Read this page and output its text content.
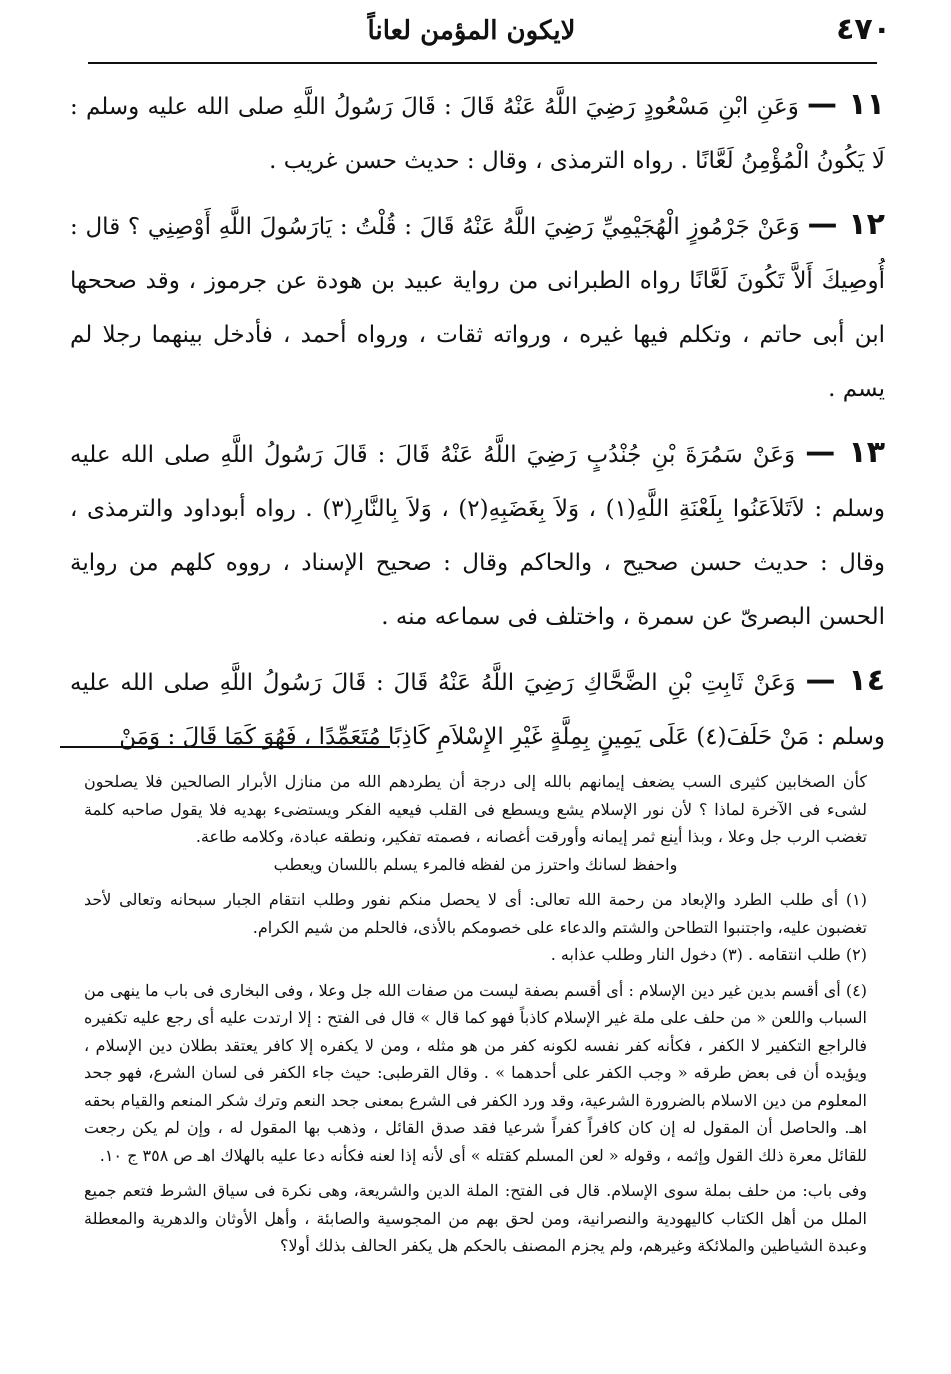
٤٧٠
لايكون المؤمن لعاناً

١١ — وَعَنِ ابْنِ مَسْعُودٍ رَضِيَ اللَّهُ عَنْهُ قَالَ : قَالَ رَسُولُ اللَّهِ صلى الله عليه وسلم : لَا يَكُونُ الْمُؤْمِنُ لَعَّانًا . رواه الترمذى ، وقال : حديث حسن غريب .

١٢ — وَعَنْ جَرْمُوزٍ الْهُجَيْمِيِّ رَضِيَ اللَّهُ عَنْهُ قَالَ : قُلْتُ : يَارَسُولَ اللَّهِ أَوْصِنِي ؟ قال : أُوصِيكَ أَلاَّ تَكُونَ لَعَّانًا رواه الطبرانى من رواية عبيد بن هودة عن جرموز ، وقد صححها ابن أبى حاتم ، وتكلم فيها غيره ، ورواته ثقات ، ورواه أحمد ، فأدخل بينهما رجلا لم يسم .

١٣ — وَعَنْ سَمُرَةَ بْنِ جُنْدُبٍ رَضِيَ اللَّهُ عَنْهُ قَالَ : قَالَ رَسُولُ اللَّهِ صلى الله عليه وسلم : لاَتَلاَعَنُوا بِلَعْنَةِ اللَّهِ(١) ، وَلاَ بِغَضَبِهِ(٢) ، وَلاَ بِالنَّارِ(٣) . رواه أبوداود والترمذى ، وقال : حديث حسن صحيح ، والحاكم وقال : صحيح الإسناد ، رووه كلهم من رواية الحسن البصرىّ عن سمرة ، واختلف فى سماعه منه .

١٤ — وَعَنْ ثَابِتِ بْنِ الضَّحَّاكِ رَضِيَ اللَّهُ عَنْهُ قَالَ : قَالَ رَسُولُ اللَّهِ صلى الله عليه وسلم : مَنْ حَلَفَ(٤) عَلَى يَمِينٍ بِمِلَّةٍ غَيْرِ الإِسْلاَمِ كَاذِبًا مُتَعَمِّدًا ، فَهُوَ كَمَا قَالَ : وَمَنْ

كأن الصخابين كثيرى السب يضعف إيمانهم بالله إلى درجة أن يطردهم الله من منازل الأبرار الصالحين فلا يصلحون لشىء فى الآخرة لماذا ؟ لأن نور الإسلام يشع ويسطع فى القلب فيعيه الفكر ويستضىء بهديه فلا يقول صاحبه كلمة تغضب الرب جل وعلا ، وبذا أينع ثمر إيمانه وأورقت أغصانه ، فصمته تفكير، ونطقه عبادة، وكلامه طاعة.

واحفظ لسانك واحترز من لفظه فالمرء يسلم باللسان ويعطب

(١) أى طلب الطرد والإبعاد من رحمة الله تعالى: أى لا يحصل منكم نفور وطلب انتقام الجبار سبحانه وتعالى لأحد تغضبون عليه، واجتنبوا التطاحن والشتم والدعاء على خصومكم بالأذى، فالحلم من شيم الكرام.

(٢) طلب انتقامه . (٣) دخول النار وطلب عذابه .

(٤) أى أقسم بدين غير دين الإسلام : أى أقسم بصفة ليست من صفات الله جل وعلا ، وفى البخارى فى باب ما ينهى من السباب واللعن « من حلف على ملة غير الإسلام كاذباً فهو كما قال » قال فى الفتح : إلا ارتدت عليه أى رجع عليه تكفيره فالراجع التكفير لا الكفر ، فكأنه كفر نفسه لكونه كفر من هو مثله ، ومن لا يكفره إلا كافر يعتقد بطلان دين الإسلام ، ويؤيده أن فى بعض طرقه « وجب الكفر على أحدهما » . وقال القرطبى: حيث جاء الكفر فى لسان الشرع، فهو جحد المعلوم من دين الاسلام بالضرورة الشرعية، وقد ورد الكفر فى الشرع بمعنى جحد النعم وترك شكر المنعم والقيام بحقه اهـ. والحاصل أن المقول له إن كان كافراً كفراً شرعيا فقد صدق القائل ، وذهب بها المقول له ، وإن لم يكن رجعت للقائل معرة ذلك القول وإثمه ، وقوله « لعن المسلم كقتله » أى لأنه إذا لعنه فكأنه دعا عليه بالهلاك اهـ ص ٣٥٨ ج ١٠.

وفى باب: من حلف بملة سوى الإسلام. قال فى الفتح: الملة الدين والشريعة، وهى نكرة فى سياق الشرط فتعم جميع الملل من أهل الكتاب كاليهودية والنصرانية، ومن لحق بهم من المجوسية والصابئة ، وأهل الأوثان والدهرية والمعطلة وعبدة الشياطين والملائكة وغيرهم، ولم يجزم المصنف بالحكم هل يكفر الحالف بذلك أولا؟
